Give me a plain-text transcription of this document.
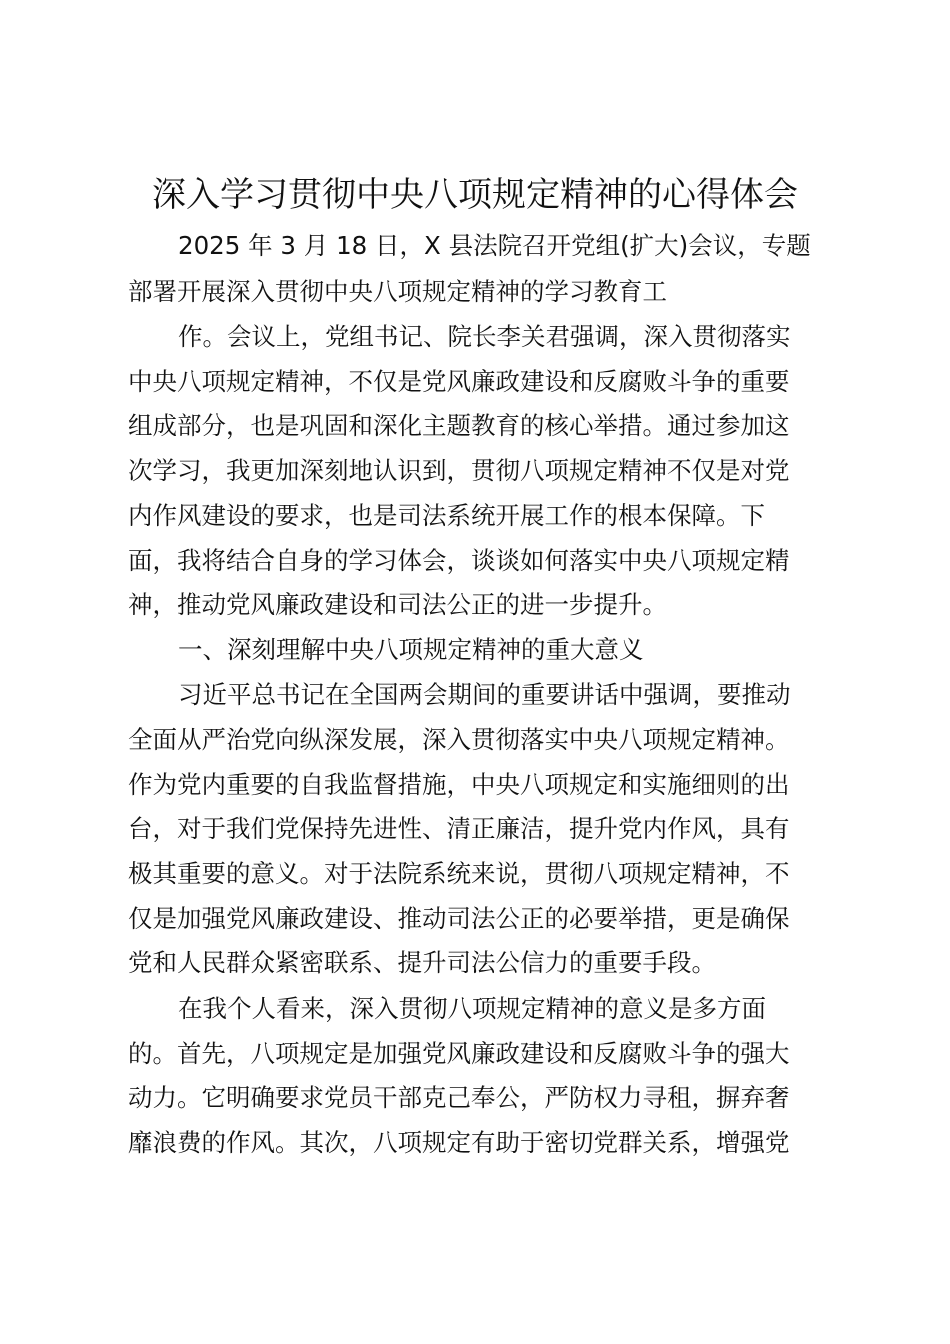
深入学习贯彻中央八项规定精神的心得体会

2025 年 3 月 18 日，X 县法院召开党组(扩大)会议，专题

部署开展深入贯彻中央八项规定精神的学习教育工

作。会议上，党组书记、院长李关君强调，深入贯彻落实

中央八项规定精神，不仅是党风廉政建设和反腐败斗争的重要

组成部分，也是巩固和深化主题教育的核心举措。通过参加这

次学习，我更加深刻地认识到，贯彻八项规定精神不仅是对党

内作风建设的要求，也是司法系统开展工作的根本保障。下

面，我将结合自身的学习体会，谈谈如何落实中央八项规定精

神，推动党风廉政建设和司法公正的进一步提升。

一、深刻理解中央八项规定精神的重大意义

习近平总书记在全国两会期间的重要讲话中强调，要推动

全面从严治党向纵深发展，深入贯彻落实中央八项规定精神。

作为党内重要的自我监督措施，中央八项规定和实施细则的出

台，对于我们党保持先进性、清正廉洁，提升党内作风，具有

极其重要的意义。对于法院系统来说，贯彻八项规定精神，不

仅是加强党风廉政建设、推动司法公正的必要举措，更是确保

党和人民群众紧密联系、提升司法公信力的重要手段。

在我个人看来，深入贯彻八项规定精神的意义是多方面

的。首先，八项规定是加强党风廉政建设和反腐败斗争的强大

动力。它明确要求党员干部克己奉公，严防权力寻租，摒弃奢

靡浪费的作风。其次，八项规定有助于密切党群关系，增强党
